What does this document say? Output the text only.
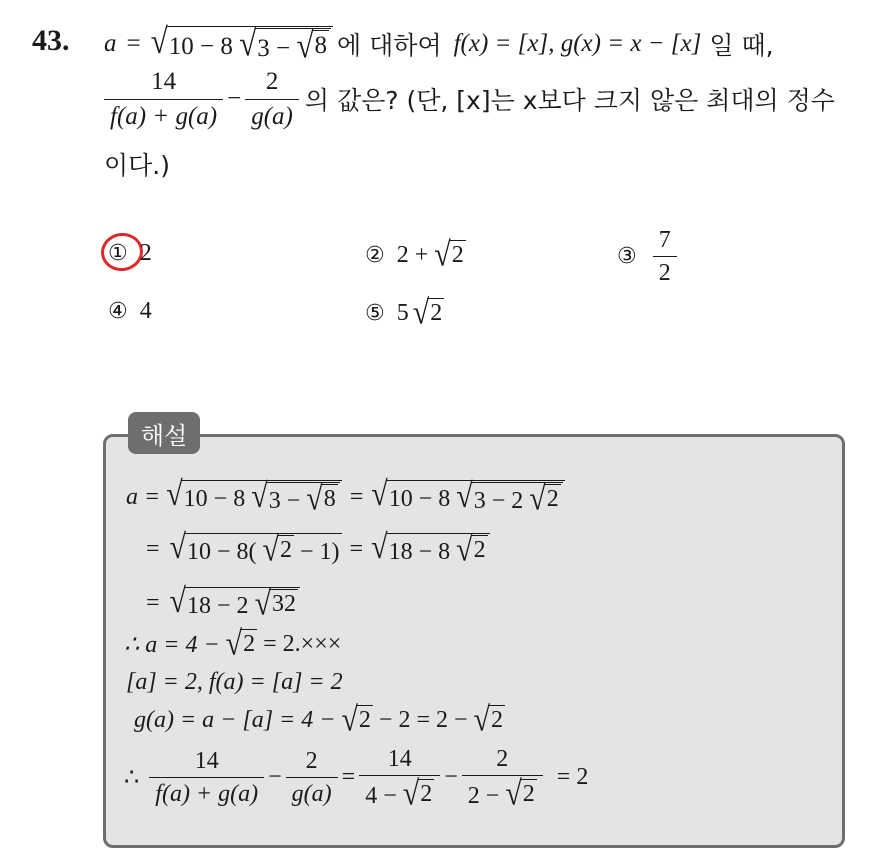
43. a = √ 10 − 8 √ 3 − √ 8 에 대하여 f(x) = [x], g(x) = x − [x] 일 때,
$\frac{14}{f(a) + g(a)} - \frac{2}{g(a)}$ 의 값은? (단, [x]는 x보다 크지 않은 최대의 정수
이다.)
① 2	② 2 + √ 2	③ $\frac{7}{2}$
④ 4	⑤ 5 √ 2
해설
a = √ 10 − 8 √ 3 − √ 8 = √ 10 − 8 √ 3 − 2 √ 2
= √ 10 − 8( √ 2 − 1) = √ 18 − 8 √ 2
= √ 18 − 2 √ 32
∴ a = 4 − √ 2 = 2.×××
[a] = 2, f(a) = [a] = 2
g(a) = a − [a] = 4 − √ 2 − 2 = 2 − √ 2
∴ $\frac{14}{f(a) + g(a)} - \frac{2}{g(a)} = \frac{14}{4 - √ 2} - \frac{2}{2 - √ 2} = 2$
